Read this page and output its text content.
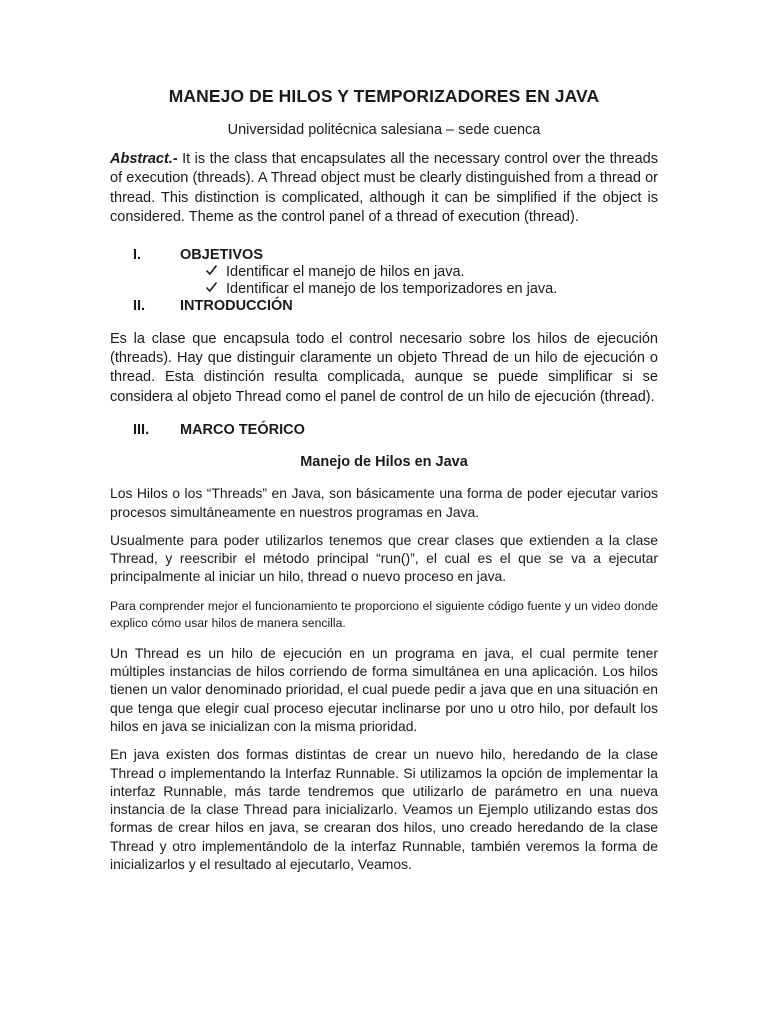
MANEJO DE HILOS Y TEMPORIZADORES EN JAVA
Universidad politécnica salesiana – sede cuenca
Abstract.- It is the class that encapsulates all the necessary control over the threads of execution (threads). A Thread object must be clearly distinguished from a thread or thread. This distinction is complicated, although it can be simplified if the object is considered. Theme as the control panel of a thread of execution (thread).
I.	OBJETIVOS
Identificar el manejo de hilos en java.
Identificar el manejo de los temporizadores en java.
II.	INTRODUCCIÓN
Es la clase que encapsula todo el control necesario sobre los hilos de ejecución (threads). Hay que distinguir claramente un objeto Thread de un hilo de ejecución o thread. Esta distinción resulta complicada, aunque se puede simplificar si se considera al objeto Thread como el panel de control de un hilo de ejecución (thread).
III.	MARCO TEÓRICO
Manejo de Hilos en Java
Los Hilos o los “Threads” en Java, son básicamente una forma de poder ejecutar varios procesos simultáneamente en nuestros programas en Java.
Usualmente para poder utilizarlos tenemos que crear clases que extienden a la clase Thread, y reescribir el método principal “run()”, el cual es el que se va a ejecutar principalmente al iniciar un hilo, thread o nuevo proceso en java.
Para comprender mejor el funcionamiento te proporciono el siguiente código fuente y un video donde explico cómo usar hilos de manera sencilla.
Un Thread es un hilo de ejecución en un programa en java, el cual permite tener múltiples instancias de hilos corriendo de forma simultánea en una aplicación. Los hilos tienen un valor denominado prioridad, el cual puede pedir a java que en una situación en que tenga que elegir cual proceso ejecutar inclinarse por uno u otro hilo, por default los hilos en java se inicializan con la misma prioridad.
En java existen dos formas distintas de crear un nuevo hilo, heredando de la clase Thread o implementando la Interfaz Runnable. Si utilizamos la opción de implementar la interfaz Runnable, más tarde tendremos que utilizarlo de parámetro en una nueva instancia de la clase Thread para inicializarlo. Veamos un Ejemplo utilizando estas dos formas de crear hilos en java, se crearan dos hilos, uno creado heredando de la clase Thread y otro implementándolo de la interfaz Runnable, también veremos la forma de inicializarlos y el resultado al ejecutarlo, Veamos.
